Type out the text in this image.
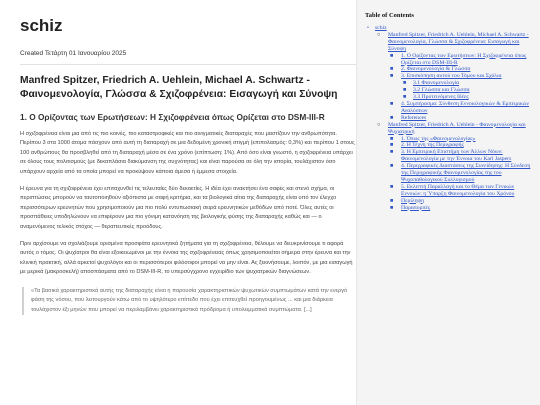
schiz
Created Τετάρτη 01 Ιανουαρίου 2025
Manfred Spitzer, Friedrich A. Uehlein, Michael A. Schwartz - Φαινομενολογία, Γλώσσα & Σχιζοφρένεια: Εισαγωγή και Σύνοψη
1. Ο Ορίζοντας των Ερωτήσεων: Η Σχιζοφρένεια όπως Ορίζεται στο DSM-III-R

Η σχιζοφρένεια είναι μια από τις πιο κοινές, πιο καταστροφικές και πιο αινιγματικές διαταραχές που μαστίζουν την ανθρωπότητα. Περίπου 3 στα 1000 άτομα πάσχουν από αυτή τη διαταραχή σε μια δεδομένη χρονική στιγμή (επιπολασμός: 0,3%) και περίπου 1 στους 100 ανθρώπους θα προσβληθεί από τη διαταραχή μέσα σε ένα χρόνο (επίπτωση: 1%). Από όσο είναι γνωστό, η σχιζοφρένεια υπάρχει σε όλους τους πολιτισμούς (με δεκαπλάσια διακύμανση της συχνότητας) και είναι παρούσα σε όλη την ιστορία, τουλάχιστον όσο υπάρχουν αρχεία από τα οποία μπορεί να προκύψουν κάποια άμεσα ή έμμεσα στοιχεία.

Η έρευνα για τη σχιζοφρένεια έχει επιταχυνθεί τις τελευταίες δύο δεκαετίες. Η ιδέα έχει ανακτήσει ένα σαφές και στενό σχήμα, οι περιπτώσεις μπορούν να ταυτοποιηθούν αξιόπιστα με σαφή κριτήρια, και τα βιολογικά αίτια της διαταραχής είναι υπό τον έλεγχο περισσότερων ερευνητών που χρησιμοποιούν μια πιο πολύ εντυπωσιακή σειρά ερευνητικών μεθόδων από ποτέ. Όλες αυτές οι προσπάθειες υποδηλώνουν να επιφέρουν μια πιο γόνιμη κατανόηση της βιολογικής φύσης της διαταραχής καθώς και — ο αναμενόμενος τελικός στόχος — θεραπευτικές προόδους.

Πριν αρχίσουμε να σχολιάζουμε ορισμένα προσφάτα ερευνητικά ζητήματα για τη σχιζοφρένεια, θέλουμε να διευκρινίσουμε τι αφορά αυτός ο τόμος. Οι ψυχίατροι θα είναι εξοικειωμένοι με την έννοια της σχιζοφρένειας όπως χρησιμοποιείται σήμερα στην έρευνα και την κλινική πρακτική, αλλά αρκετοί ψυχολόγοι και οι περισσότεροι φιλόσοφοι μπορεί να μην είναι. Ας ξεκινήσουμε, λοιπόν, με μια εισαγωγή με μερικά (μακροσκελή) αποσπάσματα από το DSM-III-R, το υπερσύγχρονο εγχειρίδιο των ψυχιατρικών διαγνώσεων.

«Τα βασικά χαρακτηριστικά αυτής της διαταραχής είναι η παρουσία χαρακτηριστικών ψυχωτικών συμπτωμάτων κατά την ενεργό φάση της νόσου, που λειτουργούν κάτω από το υψηλότερο επίπεδο που έχει επιτευχθεί προηγουμένως ... και μια διάρκεια τουλάχιστον έξι μηνών που μπορεί να περιλαμβάνει χαρακτηριστικά πρόδρομα ή υπολειμματικά συμπτώματα. [...]
Table of Contents
• schiz
○ Manfred Spitzer, Friedrich A. Uehlein, Michael A. Schwartz - Φαινομενολογία, Γλώσσα & Σχιζοφρένεια: Εισαγωγή και Σύνοψη
■ 1. Ο Ορίζοντας των Ερωτήσεων: Η Σχιζοφρένεια όπως Ορίζεται στο DSM-III-R
■ 2. Φαινομενολογία & Γλώσσα
■ 3. Επισκόπηση αυτού του Τόμου και Σχόλια
■ 3.1 Φαινομενολογία
■ 3.2 Γλώσσα και Γλώσσα
■ 3.3 Προτεινόμενες Ιδέες
■ 4. Συμπέρασμα: Σύνθεση Εννοιολογικών & Εμπειρικών Αναλύσεων
■ References
○ Manfred Spitzer, Friedrich A. Uehlein - Φαινομενολογία και Ψυχιατρική
■ 1. Όπως της «Φαινομενολογίας»
■ 2. Η Τέχνη της Περιγραφής
■ 3. Η Εμπειρική Επιστήμη των Άλλων Νόων: Φαινομενολογία με την Έννοια του Karl Jaspers
■ 4. Περιγραφικές Διαστάσεις της Συνείδησης: Η Σύνδεση της Περιγραφικής Φαινομενολογίας της του Ψυχοπαθολογικού Συλλογισμού
■ 5. Εκλεπτή Παραλλαγή και το Θέμα των Γενικών Εννοιών: η Ύπαρξη Φαινομενολογία του Χρόνου
■ Περίληψη
■ Παραπομπές
